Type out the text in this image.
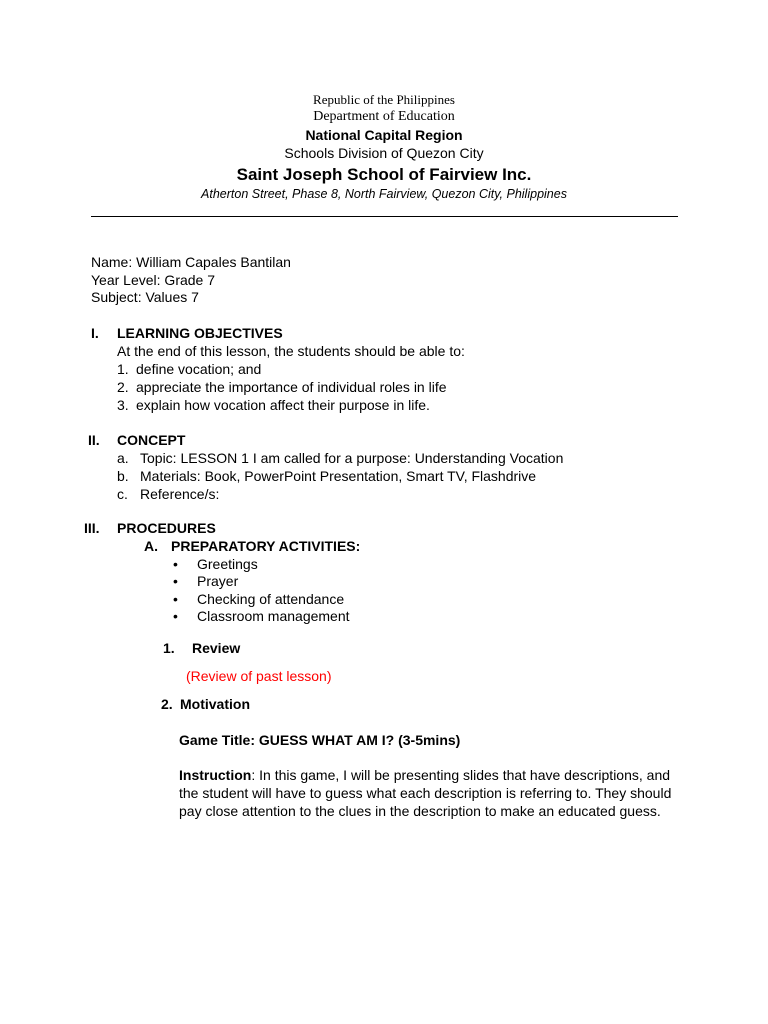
Republic of the Philippines
Department of Education
National Capital Region
Schools Division of Quezon City
Saint Joseph School of Fairview Inc.
Atherton Street, Phase 8, North Fairview, Quezon City, Philippines
Name: William Capales Bantilan
Year Level: Grade 7
Subject: Values 7
I. LEARNING OBJECTIVES
At the end of this lesson, the students should be able to:
1. define vocation; and
2. appreciate the importance of individual roles in life
3. explain how vocation affect their purpose in life.
II. CONCEPT
a. Topic: LESSON 1 I am called for a purpose: Understanding Vocation
b. Materials: Book, PowerPoint Presentation, Smart TV, Flashdrive
c. Reference/s:
III. PROCEDURES
A. PREPARATORY ACTIVITIES:
• Greetings
• Prayer
• Checking of attendance
• Classroom management
1. Review
(Review of past lesson)
2. Motivation
Game Title: GUESS WHAT AM I? (3-5mins)
Instruction: In this game, I will be presenting slides that have descriptions, and the student will have to guess what each description is referring to. They should pay close attention to the clues in the description to make an educated guess.
